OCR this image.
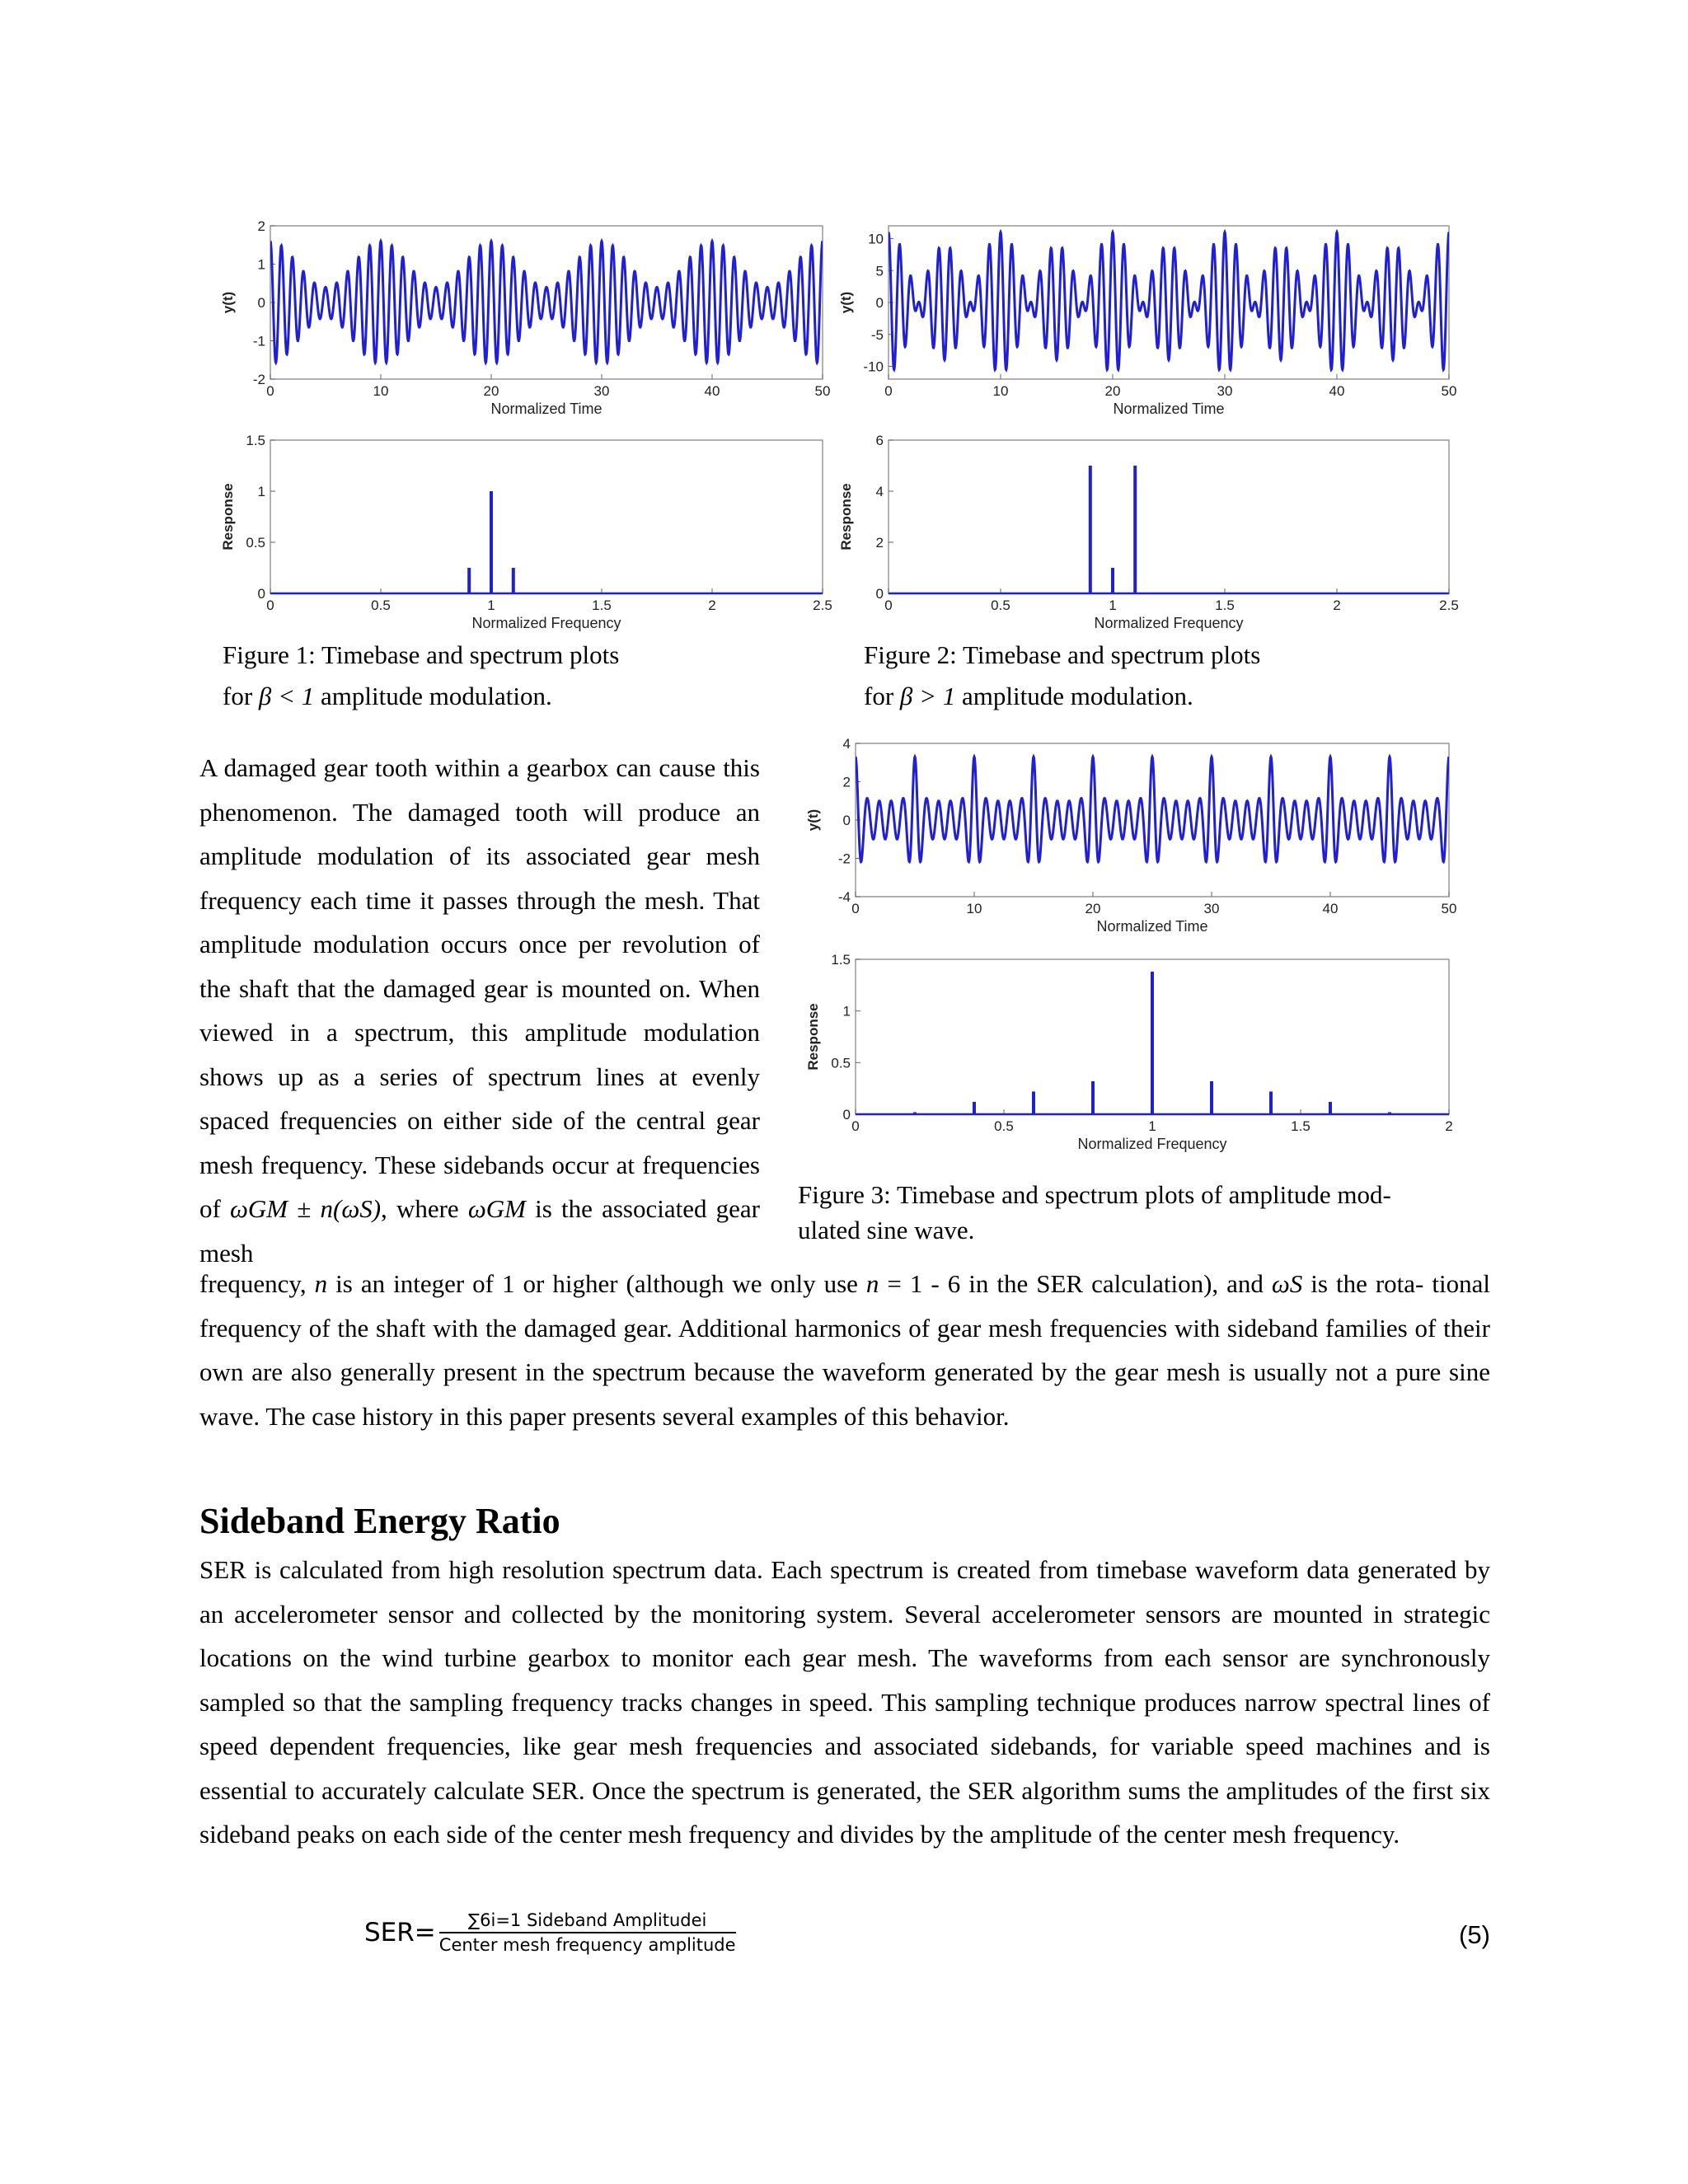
0	10	20	30	40	50
-2
-1
0
1
2
Normalized Time
y(t)
0	0.5	1	1.5	2	2.5
0
0.5
1
1.5
Normalized Frequency
Response
0	10	20	30	40	50
-10
-5
0
5
10
Normalized Time
y(t)
0	0.5	1	1.5	2	2.5
0
2
4
6
Normalized Frequency
Response
0	10	20	30	40	50
-4
-2
0
2
4
Normalized Time
y(t)
0	0.5	1	1.5	2
0
0.5
1
1.5
Normalized Frequency
Response
Figure 1: Timebase and spectrum plots
for β < 1 amplitude modulation.
Figure 2: Timebase and spectrum plots
for β > 1 amplitude modulation.
Figure 3: Timebase and spectrum plots of amplitude mod-
ulated sine wave.

A damaged gear tooth within a gearbox can cause this phenomenon. The damaged tooth will produce an amplitude modulation of its associated gear mesh frequency each time it passes through the mesh. That amplitude modulation occurs once per revolution of the shaft that the damaged gear is mounted on. When viewed in a spectrum, this amplitude modulation shows up as a series of spectrum lines at evenly spaced frequencies on either side of the central gear mesh frequency. These sidebands occur at frequencies of ωGM ± n(ωS), where ωGM is the associated gear mesh

frequency, n is an integer of 1 or higher (although we only use n = 1 - 6 in the SER calculation), and ωS is the rota- tional frequency of the shaft with the damaged gear. Additional harmonics of gear mesh frequencies with sideband families of their own are also generally present in the spectrum because the waveform generated by the gear mesh is usually not a pure sine wave. The case history in this paper presents several examples of this behavior.

Sideband Energy Ratio

SER is calculated from high resolution spectrum data. Each spectrum is created from timebase waveform data generated by an accelerometer sensor and collected by the monitoring system. Several accelerometer sensors are mounted in strategic locations on the wind turbine gearbox to monitor each gear mesh. The waveforms from each sensor are synchronously sampled so that the sampling frequency tracks changes in speed. This sampling technique produces narrow spectral lines of speed dependent frequencies, like gear mesh frequencies and associated sidebands, for variable speed machines and is essential to accurately calculate SER. Once the spectrum is generated, the SER algorithm sums the amplitudes of the first six sideband peaks on each side of the center mesh frequency and divides by the amplitude of the center mesh frequency.

$SER= \frac{\text{∑6i=1 Sideband Amplitudei}}{\text{Center mesh frequency amplitude}}$	(5)
